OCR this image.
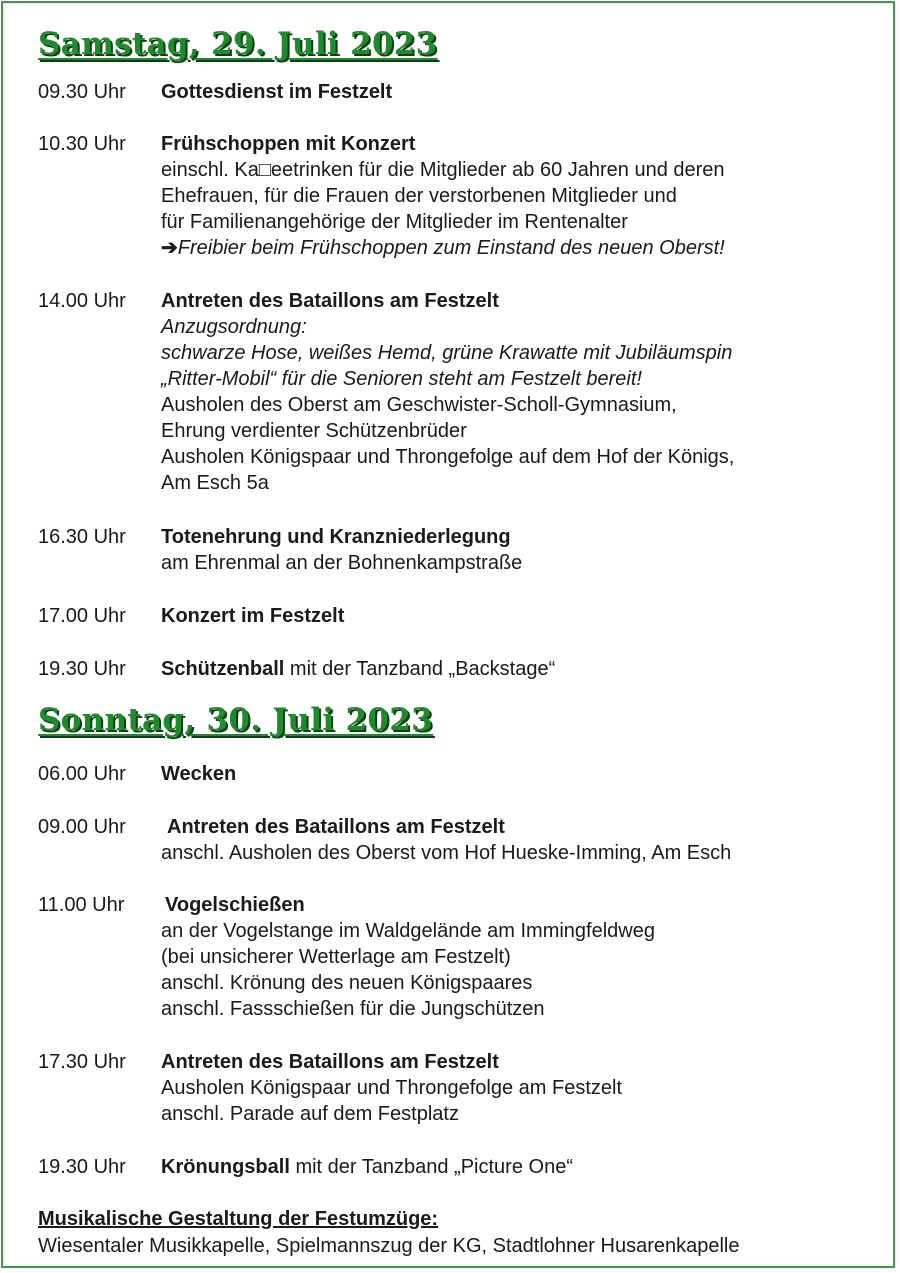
Samstag, 29. Juli 2023
09.30 Uhr Gottesdienst im Festzelt
10.30 Uhr Frühschoppen mit Konzert
einschl. Ka□eetrinken für die Mitglieder ab 60 Jahren und deren
Ehefrauen, für die Frauen der verstorbenen Mitglieder und
für Familienangehörige der Mitglieder im Rentenalter
➔Freibier beim Frühschoppen zum Einstand des neuen Oberst!
14.00 Uhr Antreten des Bataillons am Festzelt
Anzugsordnung:
schwarze Hose, weißes Hemd, grüne Krawatte mit Jubiläumspin
„Ritter-Mobil“ für die Senioren steht am Festzelt bereit!
Ausholen des Oberst am Geschwister-Scholl-Gymnasium,
Ehrung verdienter Schützenbrüder
Ausholen Königspaar und Throngefolge auf dem Hof der Königs,
Am Esch 5a
16.30 Uhr Totenehrung und Kranzniederlegung
am Ehrenmal an der Bohnenkampstraße
17.00 Uhr Konzert im Festzelt
19.30 Uhr Schützenball mit der Tanzband „Backstage“
Sonntag, 30. Juli 2023
06.00 Uhr Wecken
09.00 Uhr Antreten des Bataillons am Festzelt
anschl. Ausholen des Oberst vom Hof Hueske-Imming, Am Esch
11.00 Uhr Vogelschießen
an der Vogelstange im Waldgelände am Immingfeldweg
(bei unsicherer Wetterlage am Festzelt)
anschl. Krönung des neuen Königspaares
anschl. Fassschießen für die Jungschützen
17.30 Uhr Antreten des Bataillons am Festzelt
Ausholen Königspaar und Throngefolge am Festzelt
anschl. Parade auf dem Festplatz
19.30 Uhr Krönungsball mit der Tanzband „Picture One“
Musikalische Gestaltung der Festumzüge:
Wiesentaler Musikkapelle, Spielmannszug der KG, Stadtlohner Husarenkapelle
